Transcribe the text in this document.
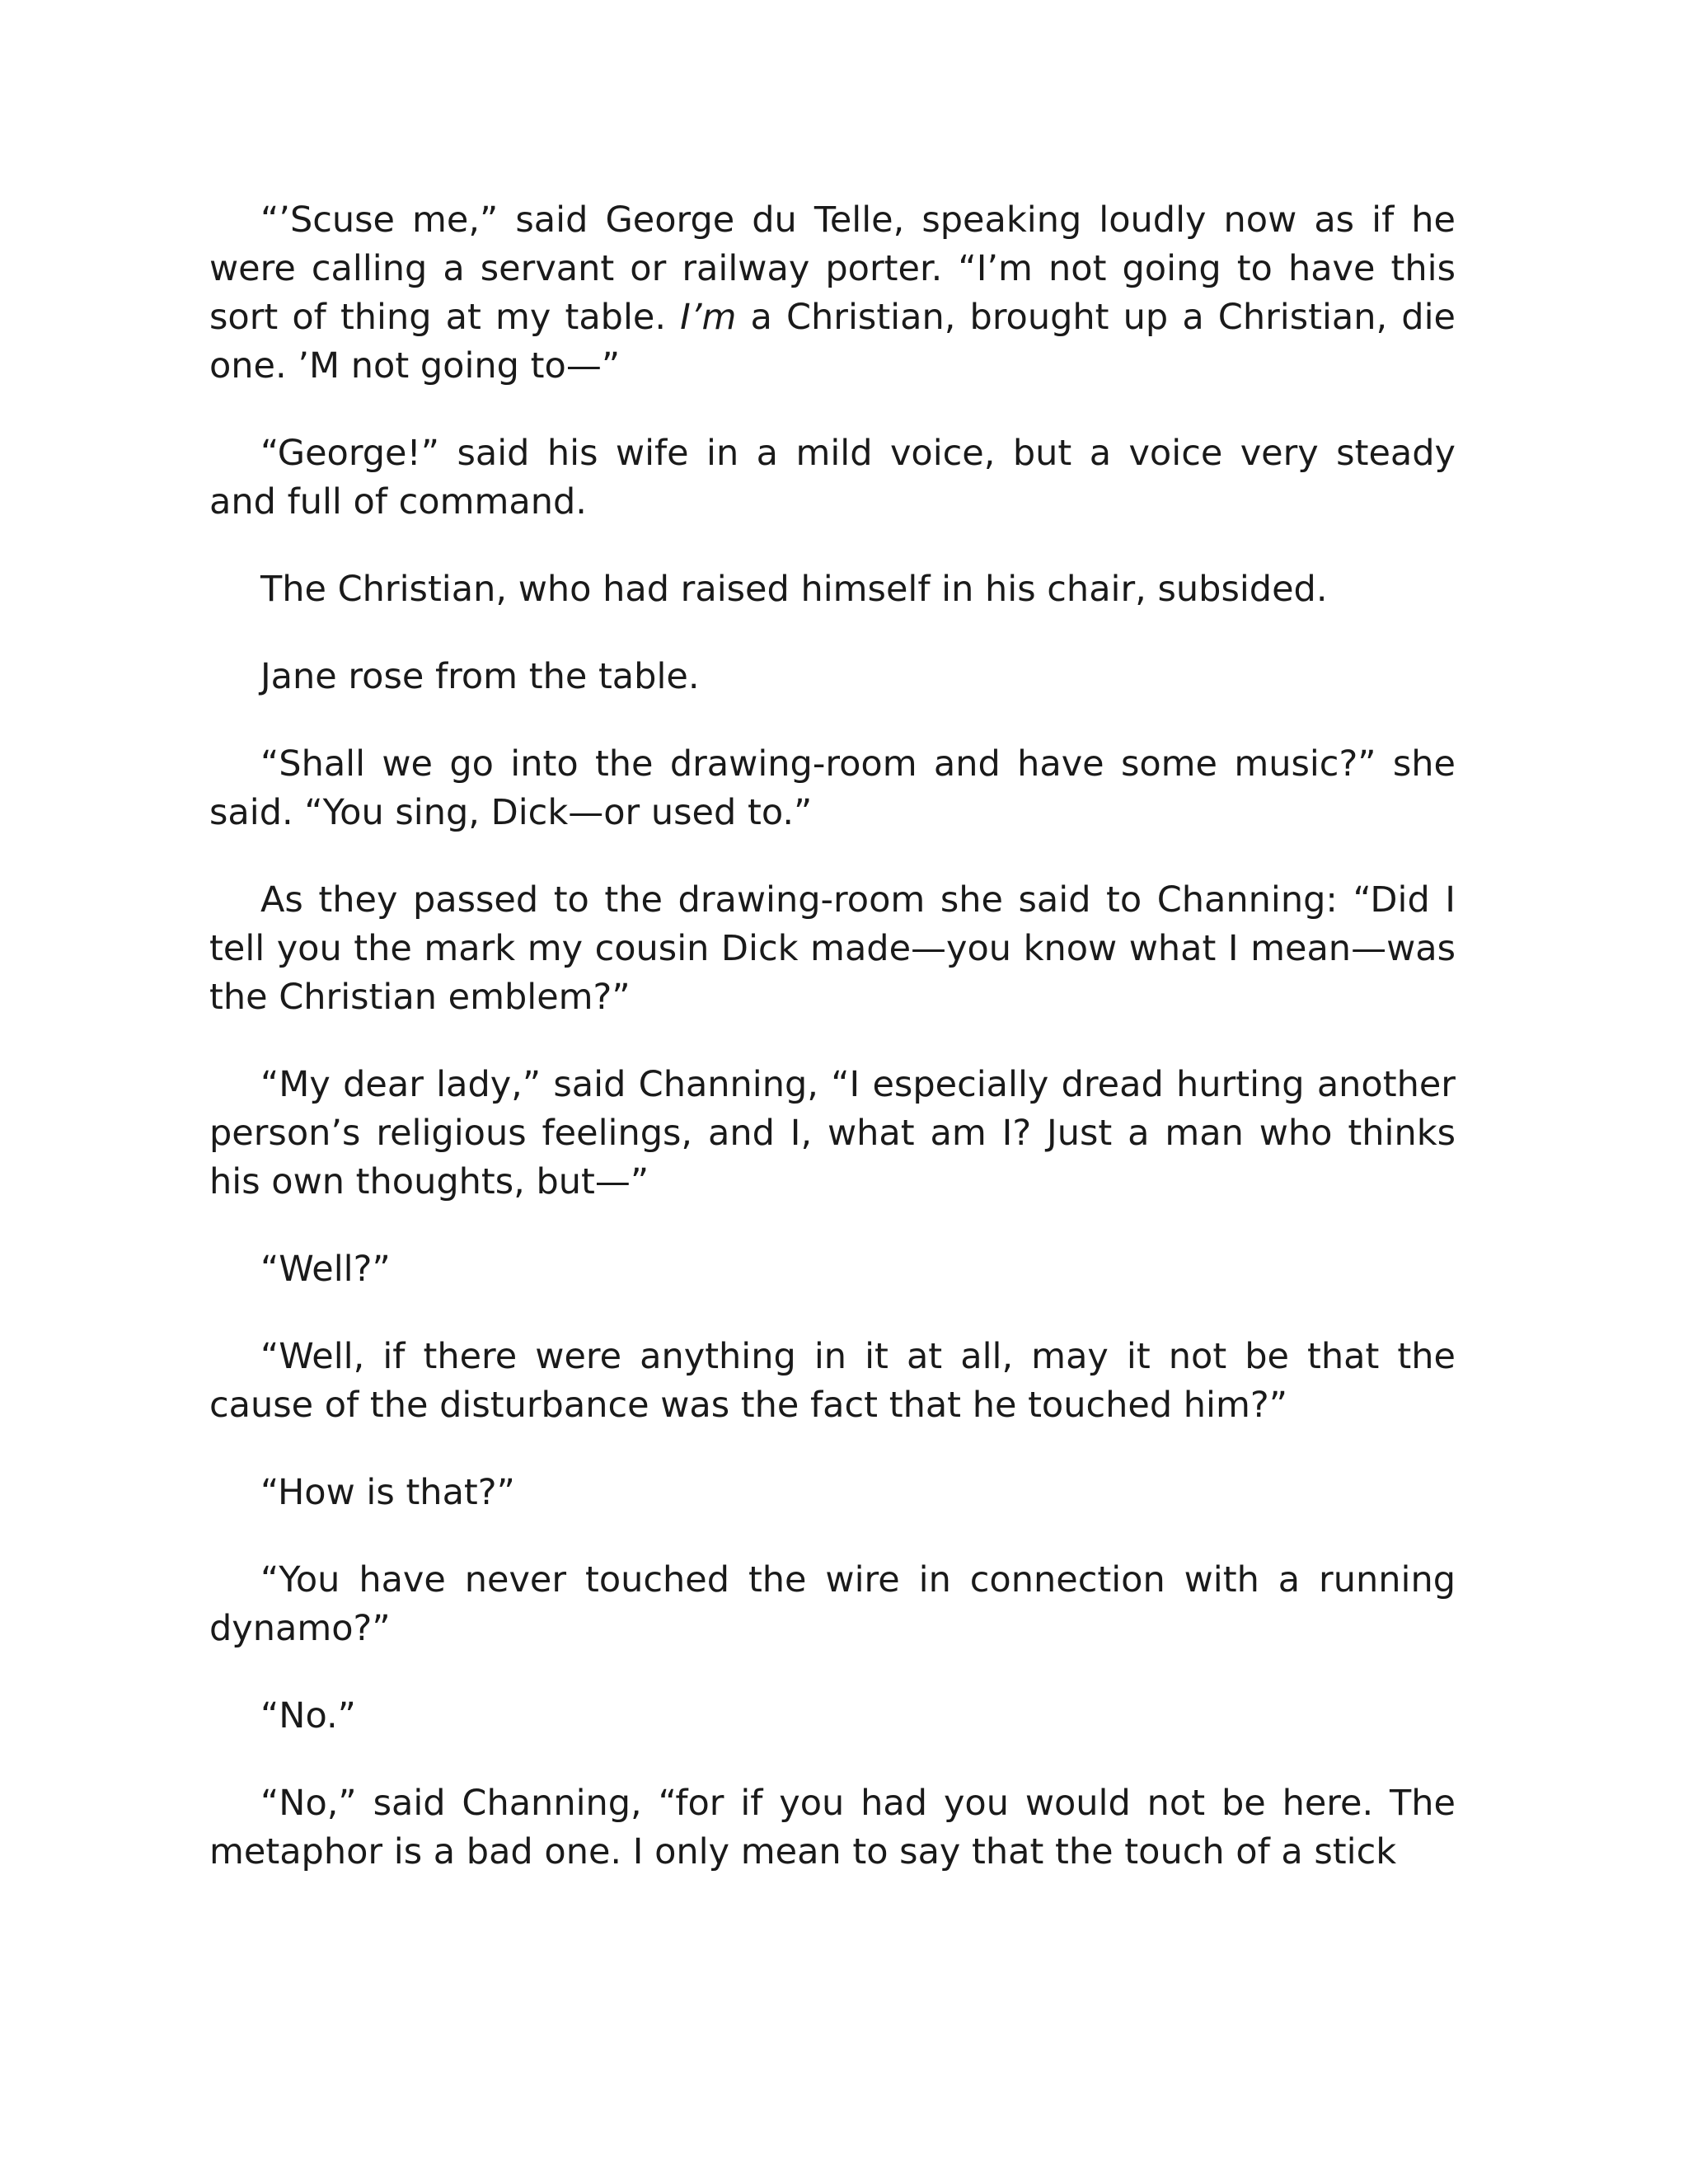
“’Scuse me,” said George du Telle, speaking loudly now as if he were calling a servant or railway porter. “I’m not going to have this sort of thing at my table. I’m a Christian, brought up a Christian, die one. ’M not going to—”

“George!” said his wife in a mild voice, but a voice very steady and full of command.

The Christian, who had raised himself in his chair, subsided.

Jane rose from the table.

“Shall we go into the drawing-room and have some music?” she said. “You sing, Dick—or used to.”

As they passed to the drawing-room she said to Channing: “Did I tell you the mark my cousin Dick made—you know what I mean—was the Christian emblem?”

“My dear lady,” said Channing, “I especially dread hurting another person’s religious feelings, and I, what am I? Just a man who thinks his own thoughts, but—”

“Well?”

“Well, if there were anything in it at all, may it not be that the cause of the disturbance was the fact that he touched him?”

“How is that?”

“You have never touched the wire in connection with a running dynamo?”

“No.”

“No,” said Channing, “for if you had you would not be here. The metaphor is a bad one. I only mean to say that the touch of a stick
